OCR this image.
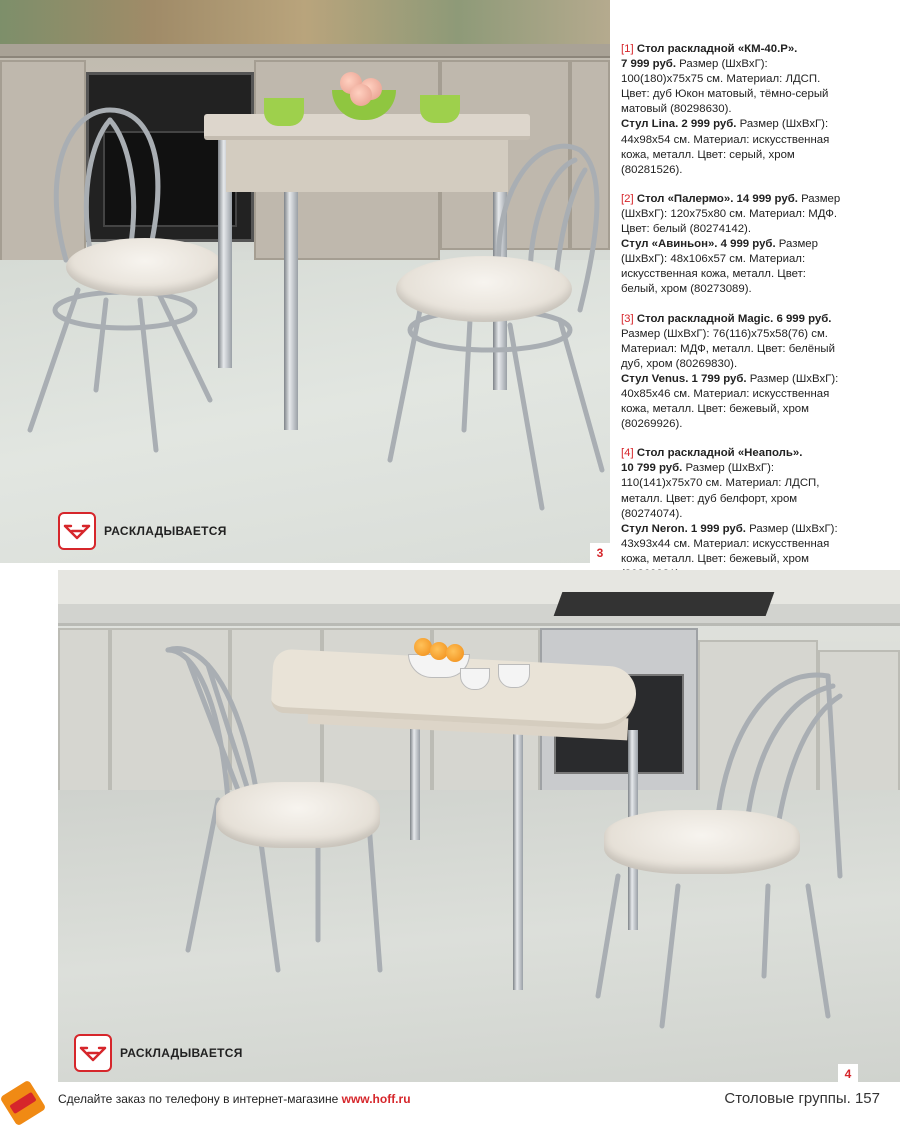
РАСКЛАДЫВАЕТСЯ
3
[1] Стол раскладной «КМ-40.Р».
7 999 руб. Размер (ШхВхГ):
100(180)x75x75 см. Материал: ЛДСП.
Цвет: дуб Юкон матовый, тёмно-серый
матовый (80298630).
Стул Lina. 2 999 руб. Размер (ШхВхГ):
44x98x54 см. Материал: искусственная
кожа, металл. Цвет: серый, хром
(80281526).
[2] Стол «Палермо». 14 999 руб. Размер
(ШхВхГ): 120x75x80 см. Материал: МДФ.
Цвет: белый (80274142).
Стул «Авиньон». 4 999 руб. Размер
(ШхВхГ): 48x106x57 см. Материал:
искусственная кожа, металл. Цвет:
белый, хром (80273089).
[3] Стол раскладной Magic. 6 999 руб.
Размер (ШхВхГ): 76(116)x75x58(76) см.
Материал: МДФ, металл. Цвет: белёный
дуб, хром (80269830).
Стул Venus. 1 799 руб. Размер (ШхВхГ):
40x85x46 см. Материал: искусственная
кожа, металл. Цвет: бежевый, хром
(80269926).
[4] Стол раскладной «Неаполь».
10 799 руб. Размер (ШхВхГ):
110(141)x75x70 см. Материал: ЛДСП,
металл. Цвет: дуб белфорт, хром
(80274074).
Стул Neron. 1 999 руб. Размер (ШхВхГ):
43x93x44 см. Материал: искусственная
кожа, металл. Цвет: бежевый, хром
РАСКЛАДЫВАЕТСЯ
4
Сделайте заказ по телефону в интернет-магазине www.hoff.ru	Столовые группы. 157
